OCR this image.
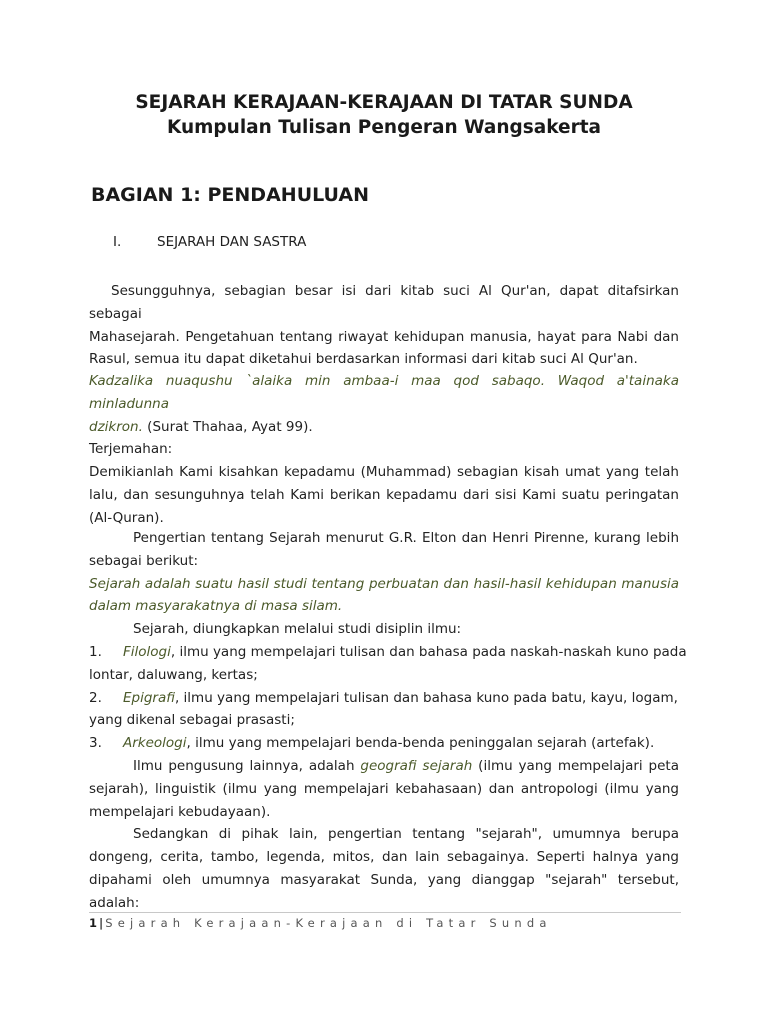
SEJARAH KERAJAAN-KERAJAAN DI TATAR SUNDA
Kumpulan Tulisan Pengeran Wangsakerta
BAGIAN 1: PENDAHULUAN
I.	SEJARAH DAN SASTRA

Sesungguhnya, sebagian besar isi dari kitab suci Al Qur'an, dapat ditafsirkan sebagai

Mahasejarah. Pengetahuan tentang riwayat kehidupan manusia, hayat para Nabi dan

Rasul, semua itu dapat diketahui berdasarkan informasi dari kitab suci Al Qur'an.

Kadzalika nuaqushu `alaika min ambaa-i maa qod sabaqo. Waqod a'tainaka minladunna

dzikron. (Surat Thahaa, Ayat 99).

Terjemahan:

Demikianlah Kami kisahkan kepadamu (Muhammad) sebagian kisah umat yang telah

lalu, dan sesunguhnya telah Kami berikan kepadamu dari sisi Kami suatu peringatan

(Al-Quran).

Pengertian tentang Sejarah menurut G.R. Elton dan Henri Pirenne, kurang lebih

sebagai berikut:

Sejarah adalah suatu hasil studi tentang perbuatan dan hasil-hasil kehidupan manusia

dalam masyarakatnya di masa silam.

Sejarah, diungkapkan melalui studi disiplin ilmu:

1.	Filologi, ilmu yang mempelajari tulisan dan bahasa pada naskah-naskah kuno pada

lontar, daluwang, kertas;

2.	Epigrafi, ilmu yang mempelajari tulisan dan bahasa kuno pada batu, kayu, logam,

yang dikenal sebagai prasasti;

3.	Arkeologi, ilmu yang mempelajari benda-benda peninggalan sejarah (artefak).

Ilmu pengusung lainnya, adalah geografi sejarah (ilmu yang mempelajari peta

sejarah), linguistik (ilmu yang mempelajari kebahasaan) dan antropologi (ilmu yang

mempelajari kebudayaan).

Sedangkan di pihak lain, pengertian tentang "sejarah", umumnya berupa

dongeng, cerita, tambo, legenda, mitos, dan lain sebagainya. Seperti halnya yang

dipahami oleh umumnya masyarakat Sunda, yang dianggap "sejarah" tersebut, adalah:

1 | Sejarah Kerajaan-Kerajaan di Tatar Sunda
